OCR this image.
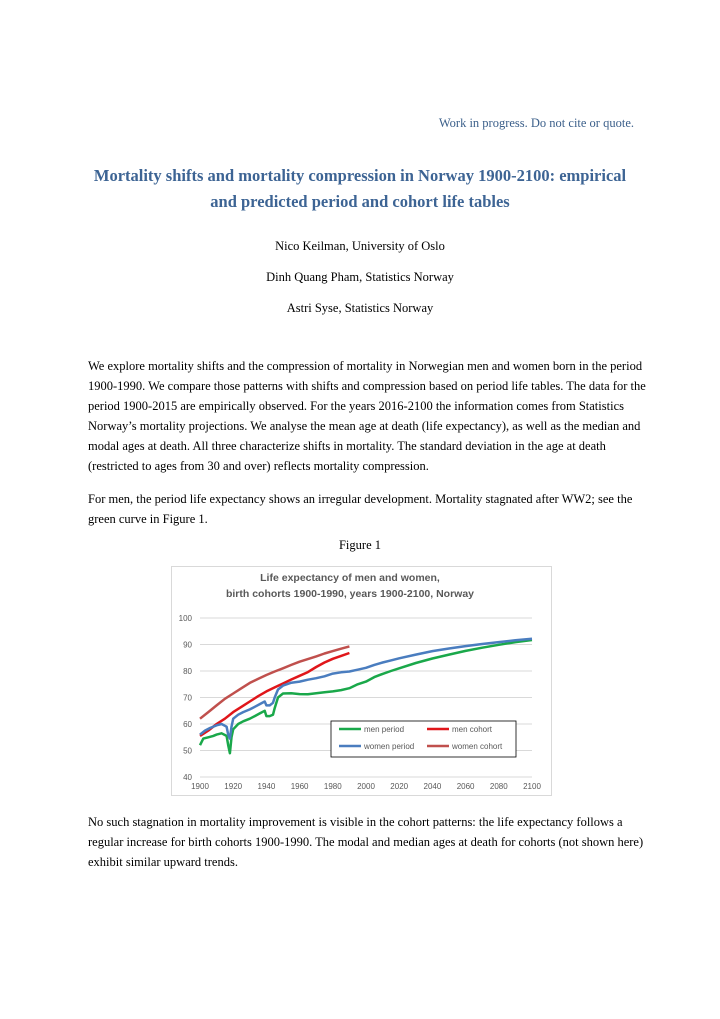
Work in progress. Do not cite or quote.
Mortality shifts and mortality compression in Norway 1900-2100: empirical
and predicted period and cohort life tables
Nico Keilman, University of Oslo
Dinh Quang Pham, Statistics Norway
Astri Syse, Statistics Norway

We explore mortality shifts and the compression of mortality in Norwegian men and women born in the period 1900-1990. We compare those patterns with shifts and compression based on period life tables. The data for the period 1900-2015 are empirically observed. For the years 2016-2100 the information comes from Statistics Norway’s mortality projections. We analyse the mean age at death (life expectancy), as well as the median and modal ages at death. All three characterize shifts in mortality. The standard deviation in the age at death (restricted to ages from 30 and over) reflects mortality compression.

For men, the period life expectancy shows an irregular development. Mortality stagnated after WW2; see the green curve in Figure 1.

Figure 1
Life expectancy of men and women,
birth cohorts 1900-1990, years 1900-2100, Norway
40
50
60
70
80
90
100
1900 1920 1940 1960 1980 2000 2020 2040 2060 2080 2100
men period	men cohort
women period	women cohort

No such stagnation in mortality improvement is visible in the cohort patterns: the life expectancy follows a regular increase for birth cohorts 1900-1990. The modal and median ages at death for cohorts (not shown here) exhibit similar upward trends.
